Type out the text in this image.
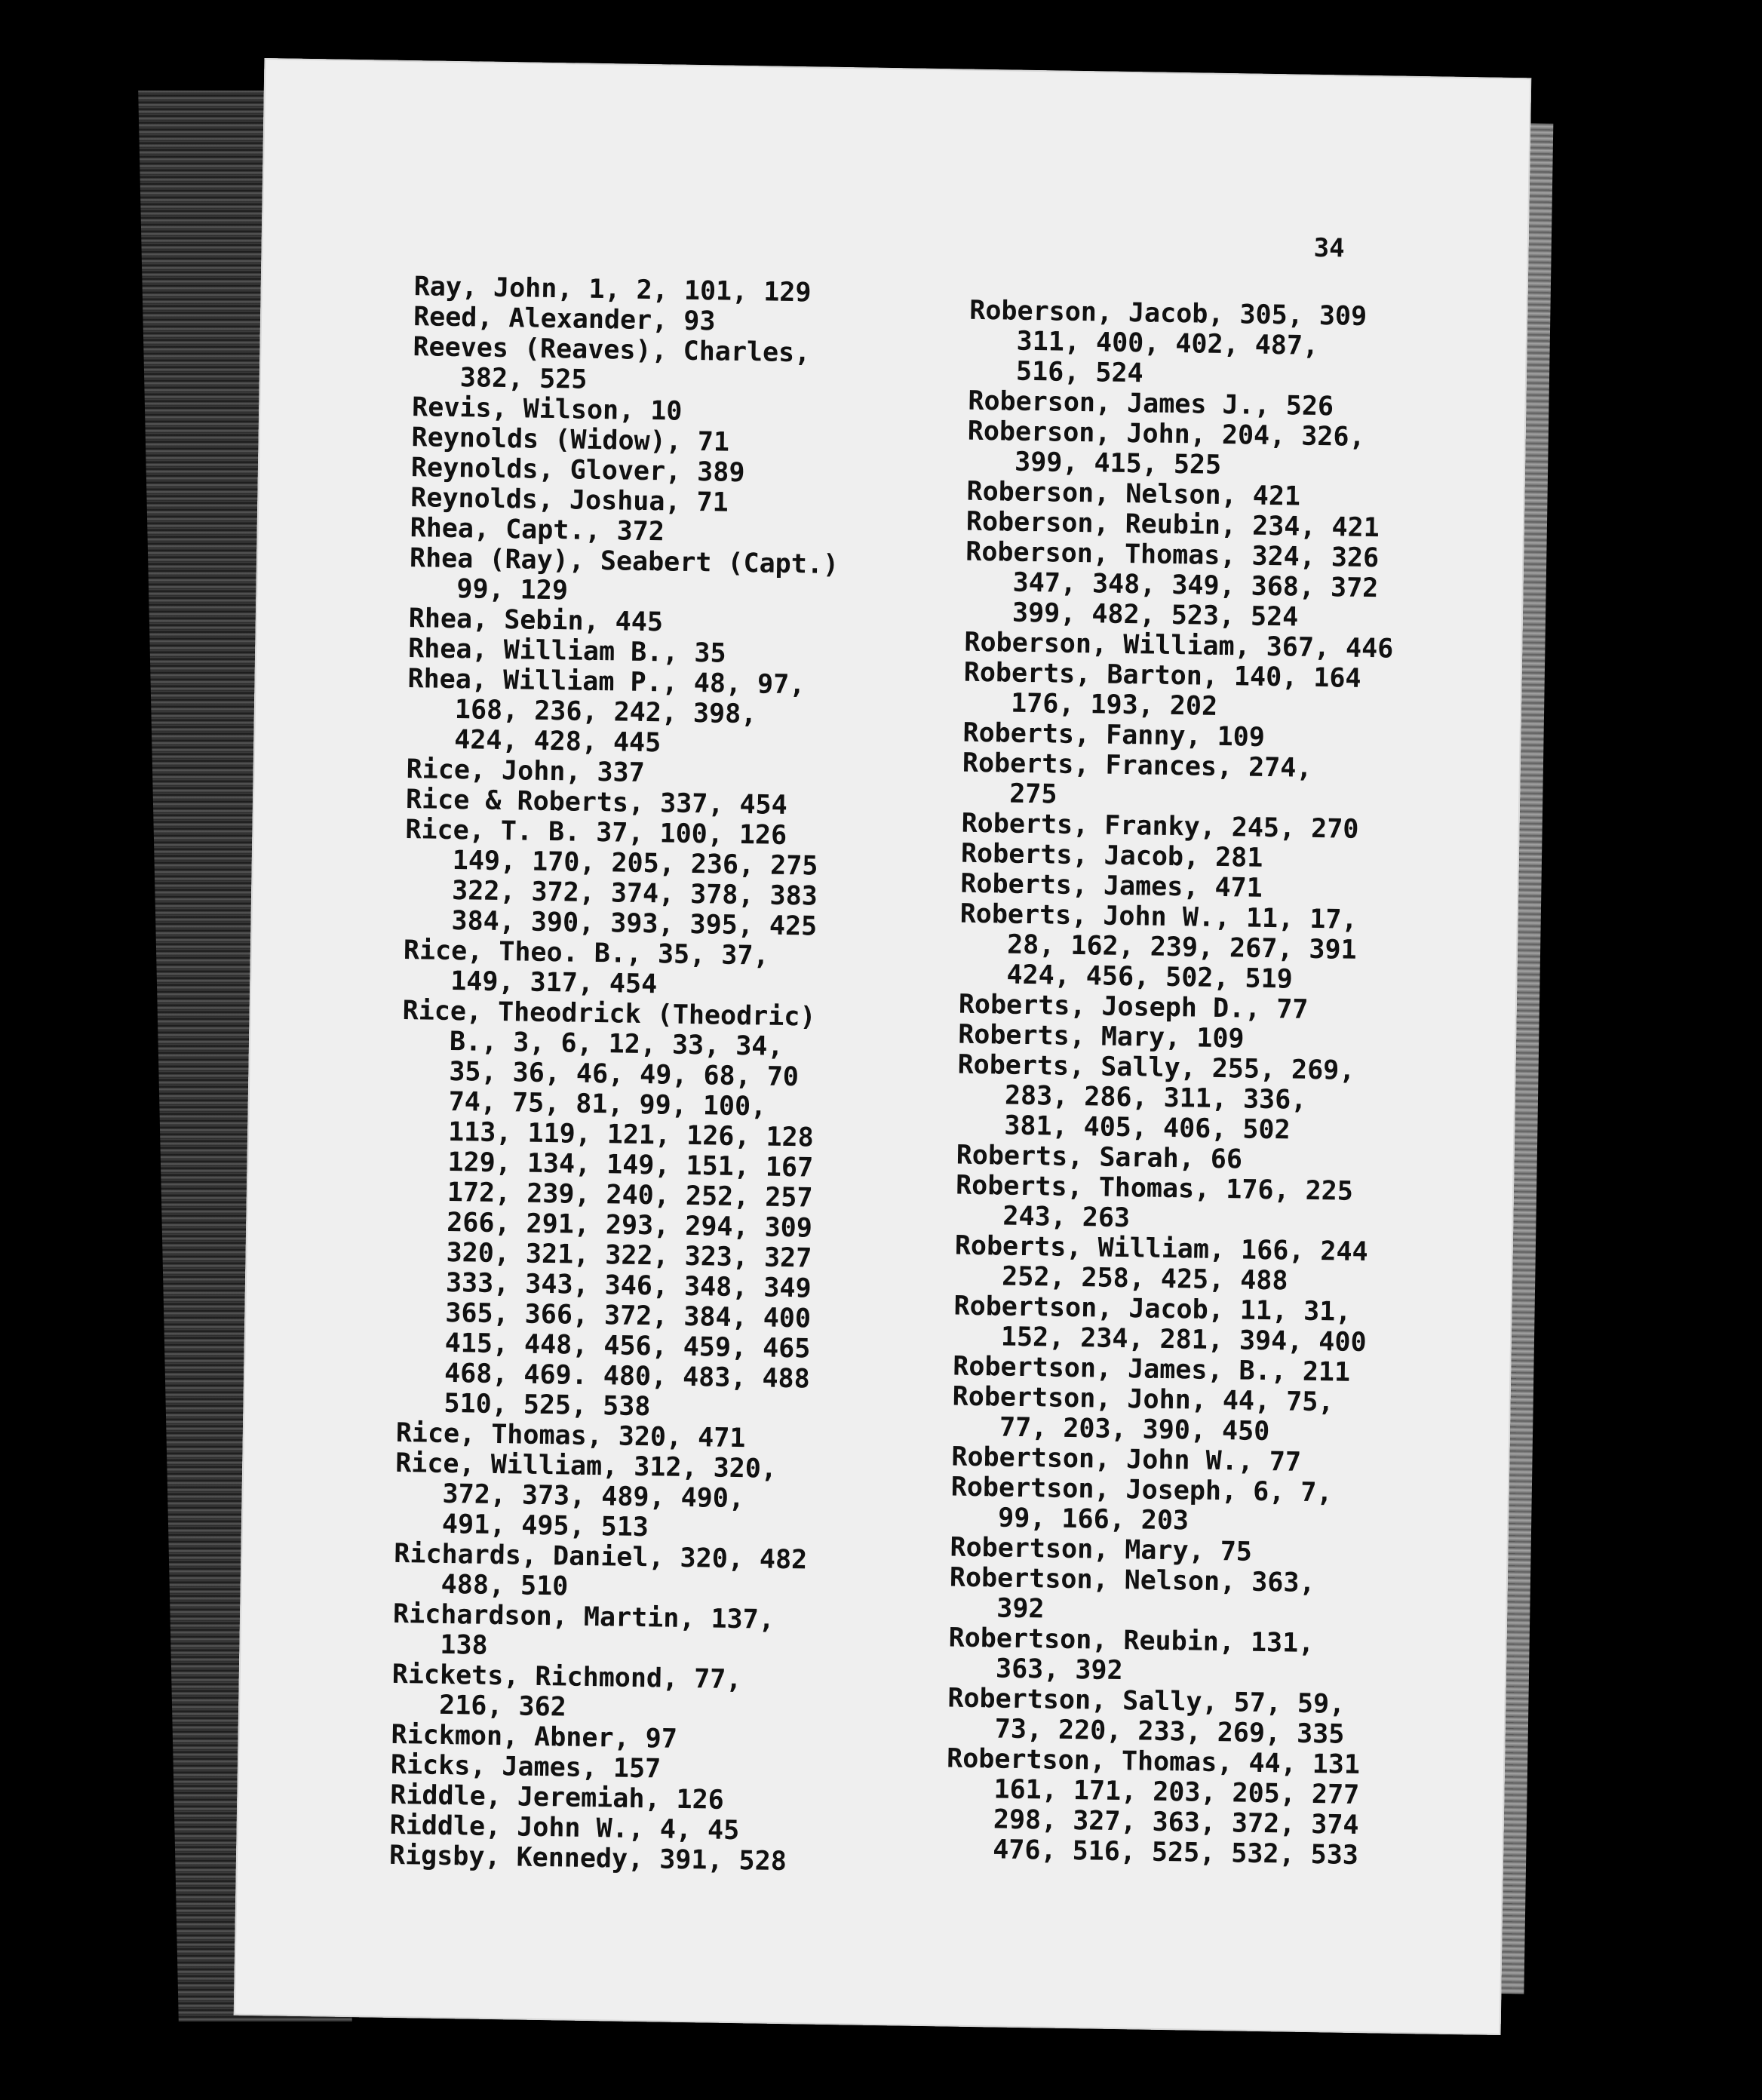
34
Ray, John, 1, 2, 101, 129
Reed, Alexander, 93
Reeves (Reaves), Charles,
382, 525
Revis, Wilson, 10
Reynolds (Widow), 71
Reynolds, Glover, 389
Reynolds, Joshua, 71
Rhea, Capt., 372
Rhea (Ray), Seabert (Capt.)
99, 129
Rhea, Sebin, 445
Rhea, William B., 35
Rhea, William P., 48, 97,
168, 236, 242, 398,
424, 428, 445
Rice, John, 337
Rice & Roberts, 337, 454
Rice, T. B. 37, 100, 126
149, 170, 205, 236, 275
322, 372, 374, 378, 383
384, 390, 393, 395, 425
Rice, Theo. B., 35, 37,
149, 317, 454
Rice, Theodrick (Theodric)
B., 3, 6, 12, 33, 34,
35, 36, 46, 49, 68, 70
74, 75, 81, 99, 100,
113, 119, 121, 126, 128
129, 134, 149, 151, 167
172, 239, 240, 252, 257
266, 291, 293, 294, 309
320, 321, 322, 323, 327
333, 343, 346, 348, 349
365, 366, 372, 384, 400
415, 448, 456, 459, 465
468, 469. 480, 483, 488
510, 525, 538
Rice, Thomas, 320, 471
Rice, William, 312, 320,
372, 373, 489, 490,
491, 495, 513
Richards, Daniel, 320, 482
488, 510
Richardson, Martin, 137,
138
Rickets, Richmond, 77,
216, 362
Rickmon, Abner, 97
Ricks, James, 157
Riddle, Jeremiah, 126
Riddle, John W., 4, 45
Rigsby, Kennedy, 391, 528
Roberson, Jacob, 305, 309
311, 400, 402, 487,
516, 524
Roberson, James J., 526
Roberson, John, 204, 326,
399, 415, 525
Roberson, Nelson, 421
Roberson, Reubin, 234, 421
Roberson, Thomas, 324, 326
347, 348, 349, 368, 372
399, 482, 523, 524
Roberson, William, 367, 446
Roberts, Barton, 140, 164
176, 193, 202
Roberts, Fanny, 109
Roberts, Frances, 274,
275
Roberts, Franky, 245, 270
Roberts, Jacob, 281
Roberts, James, 471
Roberts, John W., 11, 17,
28, 162, 239, 267, 391
424, 456, 502, 519
Roberts, Joseph D., 77
Roberts, Mary, 109
Roberts, Sally, 255, 269,
283, 286, 311, 336,
381, 405, 406, 502
Roberts, Sarah, 66
Roberts, Thomas, 176, 225
243, 263
Roberts, William, 166, 244
252, 258, 425, 488
Robertson, Jacob, 11, 31,
152, 234, 281, 394, 400
Robertson, James, B., 211
Robertson, John, 44, 75,
77, 203, 390, 450
Robertson, John W., 77
Robertson, Joseph, 6, 7,
99, 166, 203
Robertson, Mary, 75
Robertson, Nelson, 363,
392
Robertson, Reubin, 131,
363, 392
Robertson, Sally, 57, 59,
73, 220, 233, 269, 335
Robertson, Thomas, 44, 131
161, 171, 203, 205, 277
298, 327, 363, 372, 374
476, 516, 525, 532, 533
